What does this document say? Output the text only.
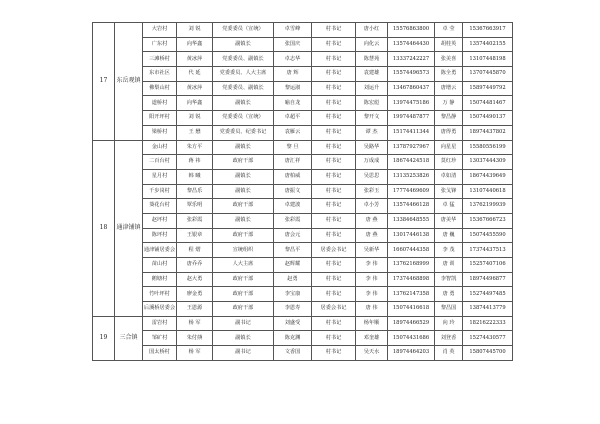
17	东岳观镇	大岩村	刘 锐	党委委员（宣统）	卓雪峰	村书记	唐小红	15576863800	卓 莹	15367663917
		广东村	向华鑫	副镇长	张国庆	村书记	向化云	13574464430	胡桂英	13574402155
		三滩桥村	黄冰萍	党委委员、副镇长	卓志华	村书记	陈慧苑	13337242227	张美喜	13107448198
		东市社区	代 延	党委委员、人大主席	唐 辉	村书记	袁建雄	15574496573	陈全勇	13707445870
		佛梨山村	黄冰萍	党委委员、副镇长	黎运淑	村书记	刘运升	13467860437	唐增云	15897449792
		道桥村	向华鑫	副镇长	喻自龙	村书记	陈宏彪	13974475186	万 静	15074481467
		阳开坪村	刘 锐	党委委员（宣统）	卓超平	村书记	黎开文	19974487877	黎昌静	15074490137
		梁桥村	王 懋	党委委员、纪委书记	袁雁云	村书记	谭 杰	15174411344	唐得勇	18974437802
18	通津铺镇	金山村	朱方平	副镇长	黎 旦	村书记	吴路华	13787927967	向星星	15580556199
		二百台村	蒋 祎	政府干部	唐汇祥	村书记	万成成	18674424518	莫红珍	13037444309
		星月村	韩 曦	副镇长	唐柏威	村书记	吴思思	13135253826	卓如清	18674439649
		千步岗村	黎昌乐	副镇长	唐振文	村书记	张彩玉	17774469609	张戈锋	13107440618
		葵花台村	覃乐明	政府干部	卓建波	村书记	卓小芳	13574466128	卓 猛	13762199939
		赵坪村	张彩霞	副镇长	张彩霞	村书记	唐 燕	13384648555	唐美华	15367666723
		陈坪村	王银章	政府干部	唐会元	村书记	唐 燕	13017446138	唐 巍	15074455590
		通津铺居委会	程 熠	宣统组织	黎昌平	居委会书记	吴新华	16607444358	李 茂	17374437513
		苗山村	唐乔乔	人大主席	赵辉耀	村书记	李 伟	13762168999	唐 训	15257407106
		鹅塘村	赵大勇	政府干部	赵勇	村书记	李 伟	17374468898	李智凯	18974496877
		竹叶坪村	廖金勇	政府干部	李宝康	村书记	李 伟	13762147358	唐 勇	15274497485
		后溪桥居委会	王恩源	政府干部	李恩寿	居委会书记	唐 伟	15074416618	黎昌国	13874413779
19	三合镇	雷岩村	杨 军	副书记	刘盛受	村书记	杨年顺	18974466529	向 玲	18216222333
		邹矿村	朱付蕻	副镇长	陈克渊	村书记	邓奎雄	15074431686	刘登香	15274430577
		国太桥村	杨 军	副书记	文香国	村书记	吴天水	18974464203	肖 英	15807445700
